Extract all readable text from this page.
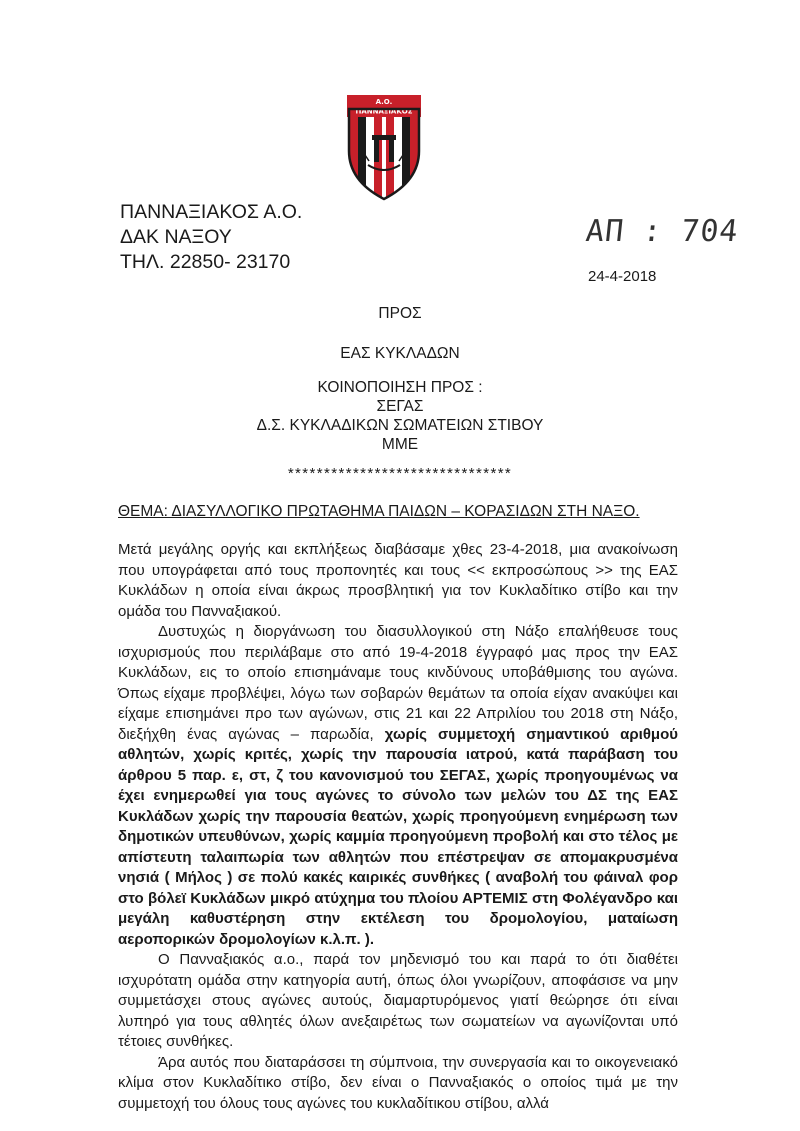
Α.Ο.
ΠΑΝΝΑΞΙΑΚΟΣ
ΠΑΝΝΑΞΙΑΚΟΣ Α.Ο.
ΔΑΚ ΝΑΞΟΥ
ΤΗΛ. 22850- 23170
ΑΠ : 704
24-4-2018
ΠΡΟΣ
ΕΑΣ ΚΥΚΛΑΔΩΝ
ΚΟΙΝΟΠΟΙΗΣΗ ΠΡΟΣ :
ΣΕΓΑΣ
Δ.Σ. ΚΥΚΛΑΔΙΚΩΝ ΣΩΜΑΤΕΙΩΝ ΣΤΙΒΟΥ
ΜΜΕ
*******************************
ΘΕΜΑ: ΔΙΑΣΥΛΛΟΓΙΚΟ ΠΡΩΤΑΘΗΜΑ ΠΑΙΔΩΝ – ΚΟΡΑΣΙΔΩΝ ΣΤΗ ΝΑΞΟ.

Μετά μεγάλης οργής και εκπλήξεως διαβάσαμε χθες 23-4-2018, μια ανακοίνωση που υπογράφεται από τους προπονητές και τους << εκπροσώπους >> της ΕΑΣ Κυκλάδων η οποία είναι άκρως προσβλητική για τον Κυκλαδίτικο στίβο και την ομάδα του Πανναξιακού.

Δυστυχώς η διοργάνωση του διασυλλογικού στη Νάξο επαλήθευσε τους ισχυρισμούς που περιλάβαμε στο από 19-4-2018 έγγραφό μας προς την ΕΑΣ Κυκλάδων, εις το οποίο επισημάναμε τους κινδύνους υποβάθμισης του αγώνα. Όπως είχαμε προβλέψει, λόγω των σοβαρών θεμάτων τα οποία είχαν ανακύψει και είχαμε επισημάνει προ των αγώνων, στις 21 και 22 Απριλίου του 2018 στη Νάξο, διεξήχθη ένας αγώνας – παρωδία, χωρίς συμμετοχή σημαντικού αριθμού αθλητών, χωρίς κριτές, χωρίς την παρουσία ιατρού, κατά παράβαση του άρθρου 5 παρ. ε, στ, ζ του κανονισμού του ΣΕΓΑΣ, χωρίς προηγουμένως να έχει ενημερωθεί για τους αγώνες το σύνολο των μελών του ΔΣ της ΕΑΣ Κυκλάδων χωρίς την παρουσία θεατών, χωρίς προηγούμενη ενημέρωση των δημοτικών υπευθύνων, χωρίς καμμία προηγούμενη προβολή και στο τέλος με απίστευτη ταλαιπωρία των αθλητών που επέστρεψαν σε απομακρυσμένα νησιά ( Μήλος ) σε πολύ κακές καιρικές συνθήκες ( αναβολή του φάιναλ φορ στο βόλεϊ Κυκλάδων μικρό ατύχημα του πλοίου ΑΡΤΕΜΙΣ στη Φολέγανδρο και μεγάλη καθυστέρηση στην εκτέλεση του δρομολογίου, ματαίωση αεροπορικών δρομολογίων κ.λ.π. ).

Ο Πανναξιακός α.ο., παρά τον μηδενισμό του και παρά το ότι διαθέτει ισχυρότατη ομάδα στην κατηγορία αυτή, όπως όλοι γνωρίζουν, αποφάσισε να μην συμμετάσχει στους αγώνες αυτούς, διαμαρτυρόμενος γιατί θεώρησε ότι είναι λυπηρό για τους αθλητές όλων ανεξαιρέτως των σωματείων να αγωνίζονται υπό τέτοιες συνθήκες.

Άρα αυτός που διαταράσσει τη σύμπνοια, την συνεργασία και το οικογενειακό κλίμα στον Κυκλαδίτικο στίβο, δεν είναι ο Πανναξιακός ο οποίος τιμά με την συμμετοχή του όλους τους αγώνες του κυκλαδίτικου στίβου, αλλά
